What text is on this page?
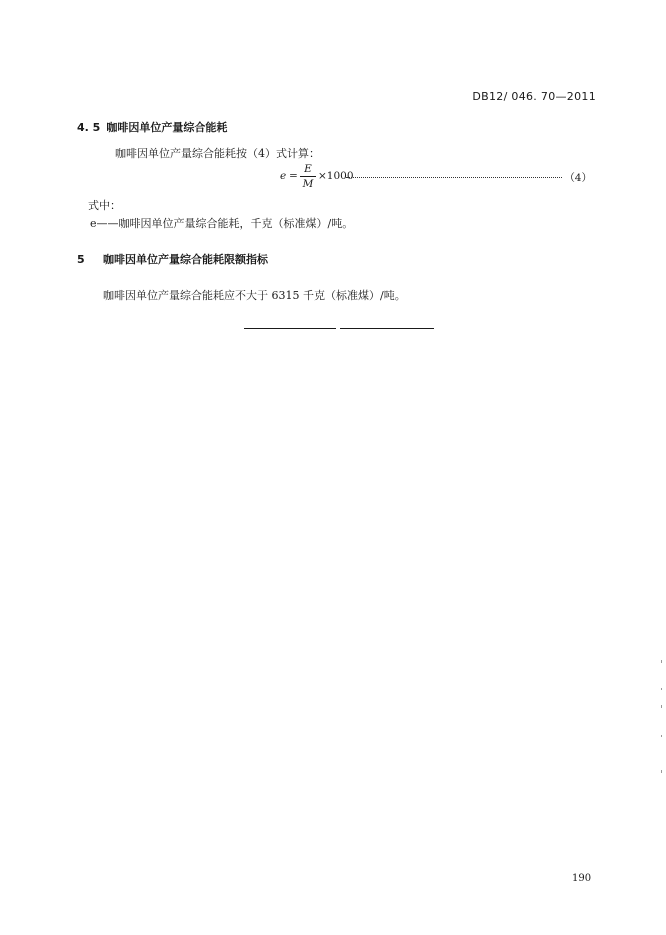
DB12/ 046. 70—2011
4. 5 咖啡因单位产量综合能耗
咖啡因单位产量综合能耗按（4）式计算：
e =
E
M
×1000	（4）
式中：
e——咖啡因单位产量综合能耗，千克（标准煤）/吨。
5 咖啡因单位产量综合能耗限额指标
咖啡因单位产量综合能耗应不大于 6315 千克（标准煤）/吨。
190
